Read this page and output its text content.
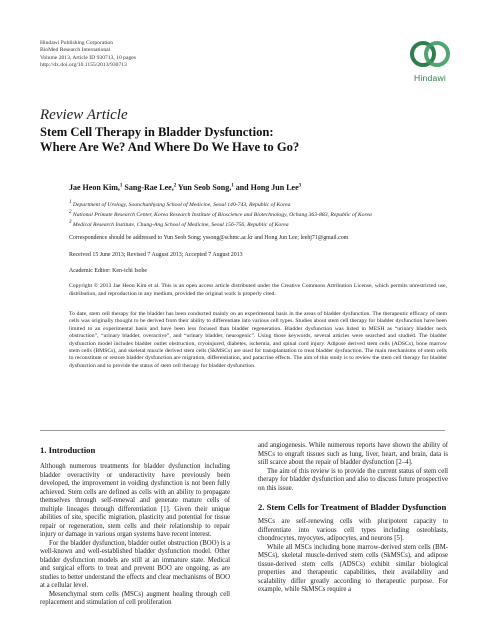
Hindawi Publishing Corporation
BioMed Research International
Volume 2013, Article ID 930713, 10 pages
http://dx.doi.org/10.1155/2013/930713
Hindawi
Review Article
Stem Cell Therapy in Bladder Dysfunction:
Where Are We? And Where Do We Have to Go?
Jae Heon Kim,$^1$ Sang-Rae Lee,$^2$ Yun Seob Song,$^1$ and Hong Jun Lee$^3$
$^1$ Department of Urology, Soonchunhyang School of Medicine, Seoul 140-743, Republic of Korea
$^2$ National Primate Research Center, Korea Research Institute of Bioscience and Biotechnology, Ochang 363-883, Republic of Korea
$^3$ Medical Research Institute, Chung-Ang School of Medicine, Seoul 156-756, Republic of Korea
Correspondence should be addressed to Yun Seob Song; yssong@schmc.ac.kr and Hong Jun Lee; leehj71@gmail.com
Received 15 June 2013; Revised 7 August 2013; Accepted 7 August 2013
Academic Editor: Ken-ichi Isobe
Copyright © 2013 Jae Heon Kim et al. This is an open access article distributed under the Creative Commons Attribution License, which permits unrestricted use, distribution, and reproduction in any medium, provided the original work is properly cited.
To date, stem cell therapy for the bladder has been conducted mainly on an experimental basis in the areas of bladder dysfunction. The therapeutic efficacy of stem cells was originally thought to be derived from their ability to differentiate into various cell types. Studies about stem cell therapy for bladder dysfunction have been limited to an experimental basis and have been less focused than bladder regeneration. Bladder dysfunction was listed in MESH as “urinary bladder neck obstruction”, “urinary bladder, overactive”, and “urinary bladder, neurogenic”. Using those keywords, several articles were searched and studied. The bladder dysfunction model includes bladder outlet obstruction, cryoinjured, diabetes, ischemia, and spinal cord injury. Adipose derived stem cells (ADSCs), bone marrow stem cells (BMSCs), and skeletal muscle derived stem cells (SkMSCs) are used for transplantation to treat bladder dysfunction. The main mechanisms of stem cells to reconstitute or restore bladder dysfunction are migration, differentiation, and paracrine effects. The aim of this study is to review the stem cell therapy for bladder dysfunction and to provide the status of stem cell therapy for bladder dysfunction.
1. Introduction

Although numerous treatments for bladder dysfunction including bladder overactivity or underactivity have previously been developed, the improvement in voiding dysfunction is not been fully achieved. Stem cells are defined as cells with an ability to propagate themselves through self-renewal and generate mature cells of multiple lineages through differentiation [1]. Given their unique abilities of site, specific migration, plasticity and potential for tissue repair or regeneration, stem cells and their relationship to repair injury or damage in various organ systems have recent interest.

For the bladder dysfunction, bladder outlet obstruction (BOO) is a well-known and well-established bladder dysfunction model. Other bladder dysfunction models are still at an immature state. Medical and surgical efforts to treat and prevent BOO are ongoing, as are studies to better understand the effects and clear mechanisms of BOO at a cellular level.

Mesenchymal stem cells (MSCs) augment healing through cell replacement and stimulation of cell proliferation

and angiogenesis. While numerous reports have shown the ability of MSCs to engraft tissues such as lung, liver, heart, and brain, data is still scarce about the repair of bladder dysfunction [2–4].

The aim of this review is to provide the current status of stem cell therapy for bladder dysfunction and also to discuss future prospective on this issue.

2. Stem Cells for Treatment of Bladder Dysfunction

MSCs are self-renewing cells with pluripotent capacity to differentiate into various cell types including osteoblasts, chondrocytes, myocytes, adipocytes, and neurons [5].

While all MSCs including bone marrow-derived stem cells (BM-MSCs), skeletal muscle-derived stem cells (SkMSCs), and adipose tissue-derived stem cells (ADSCs) exhibit similar biological properties and therapeutic capabilities, their availability and scalability differ greatly according to therapeutic purpose. For example, while SkMSCs require a
